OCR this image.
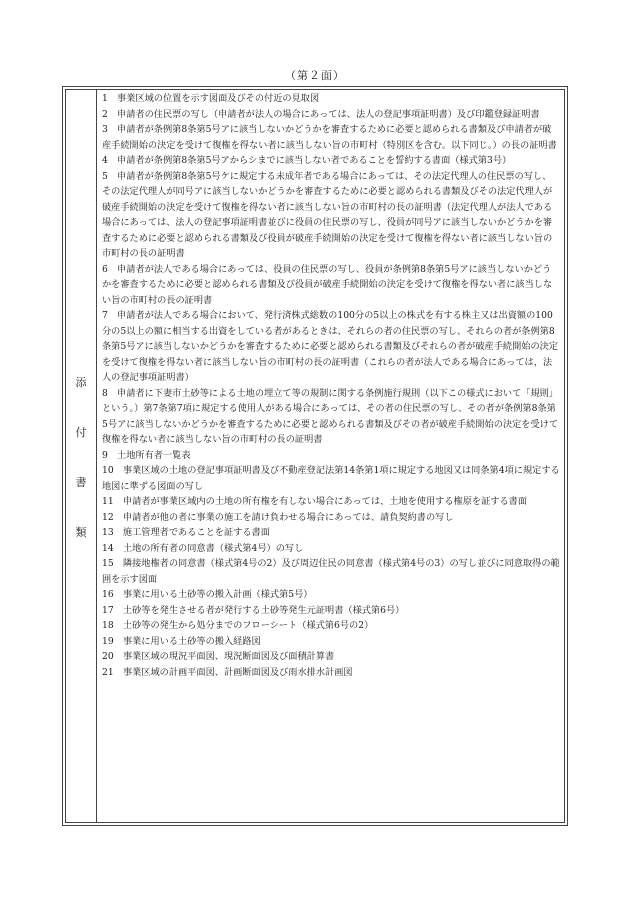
（第２面）
添
付
書
類

1　事業区域の位置を示す図面及びその付近の見取図

2　申請者の住民票の写し（申請者が法人の場合にあっては、法人の登記事項証明書）及び印鑑登録証明書

3　申請者が条例第8条第5号アに該当しないかどうかを審査するために必要と認められる書類及び申請者が破産手続開始の決定を受けて復権を得ない者に該当しない旨の市町村（特別区を含む。以下同じ。）の長の証明書

4　申請者が条例第8条第5号アからシまでに該当しない者であることを誓約する書面（様式第3号）

5　申請者が条例第8条第5号ケに規定する未成年者である場合にあっては、その法定代理人の住民票の写し、その法定代理人が同号アに該当しないかどうかを審査するために必要と認められる書類及びその法定代理人が破産手続開始の決定を受けて復権を得ない者に該当しない旨の市町村の長の証明書（法定代理人が法人である場合にあっては、法人の登記事項証明書並びに役員の住民票の写し、役員が同号アに該当しないかどうかを審査するために必要と認められる書類及び役員が破産手続開始の決定を受けて復権を得ない者に該当しない旨の市町村の長の証明書

6　申請者が法人である場合にあっては、役員の住民票の写し、役員が条例第8条第5号アに該当しないかどうかを審査するために必要と認められる書類及び役員が破産手続開始の決定を受けて復権を得ない者に該当しない旨の市町村の長の証明書

7　申請者が法人である場合において、発行済株式総数の100分の5以上の株式を有する株主又は出資額の100分の5以上の額に相当する出資をしている者があるときは、それらの者の住民票の写し、それらの者が条例第8条第5号アに該当しないかどうかを審査するために必要と認められる書類及びそれらの者が破産手続開始の決定を受けて復権を得ない者に該当しない旨の市町村の長の証明書（これらの者が法人である場合にあっては，法人の登記事項証明書）

8　申請者に下妻市土砂等による土地の埋立て等の規制に関する条例施行規則（以下この様式において「規則」という。）第7条第7項に規定する使用人がある場合にあっては、その者の住民票の写し、その者が条例第8条第5号アに該当しないかどうかを審査するために必要と認められる書類及びその者が破産手続開始の決定を受けて復権を得ない者に該当しない旨の市町村の長の証明書

9　土地所有者一覧表

10　事業区域の土地の登記事項証明書及び不動産登記法第14条第1項に規定する地図又は同条第4項に規定する地図に準ずる図面の写し

11　申請者が事業区域内の土地の所有権を有しない場合にあっては、土地を使用する権原を証する書面

12　申請者が他の者に事業の施工を請け負わせる場合にあっては、請負契約書の写し

13　施工管理者であることを証する書面

14　土地の所有者の同意書（様式第4号）の写し

15　隣接地権者の同意書（様式第4号の2）及び周辺住民の同意書（様式第4号の3）の写し並びに同意取得の範囲を示す図面

16　事業に用いる土砂等の搬入計画（様式第5号）

17　土砂等を発生させる者が発行する土砂等発生元証明書（様式第6号）

18　土砂等の発生から処分までのフローシート（様式第6号の2）

19　事業に用いる土砂等の搬入経路図

20　事業区域の現況平面図、現況断面図及び面積計算書

21　事業区域の計画平面図、計画断面図及び雨水排水計画図
